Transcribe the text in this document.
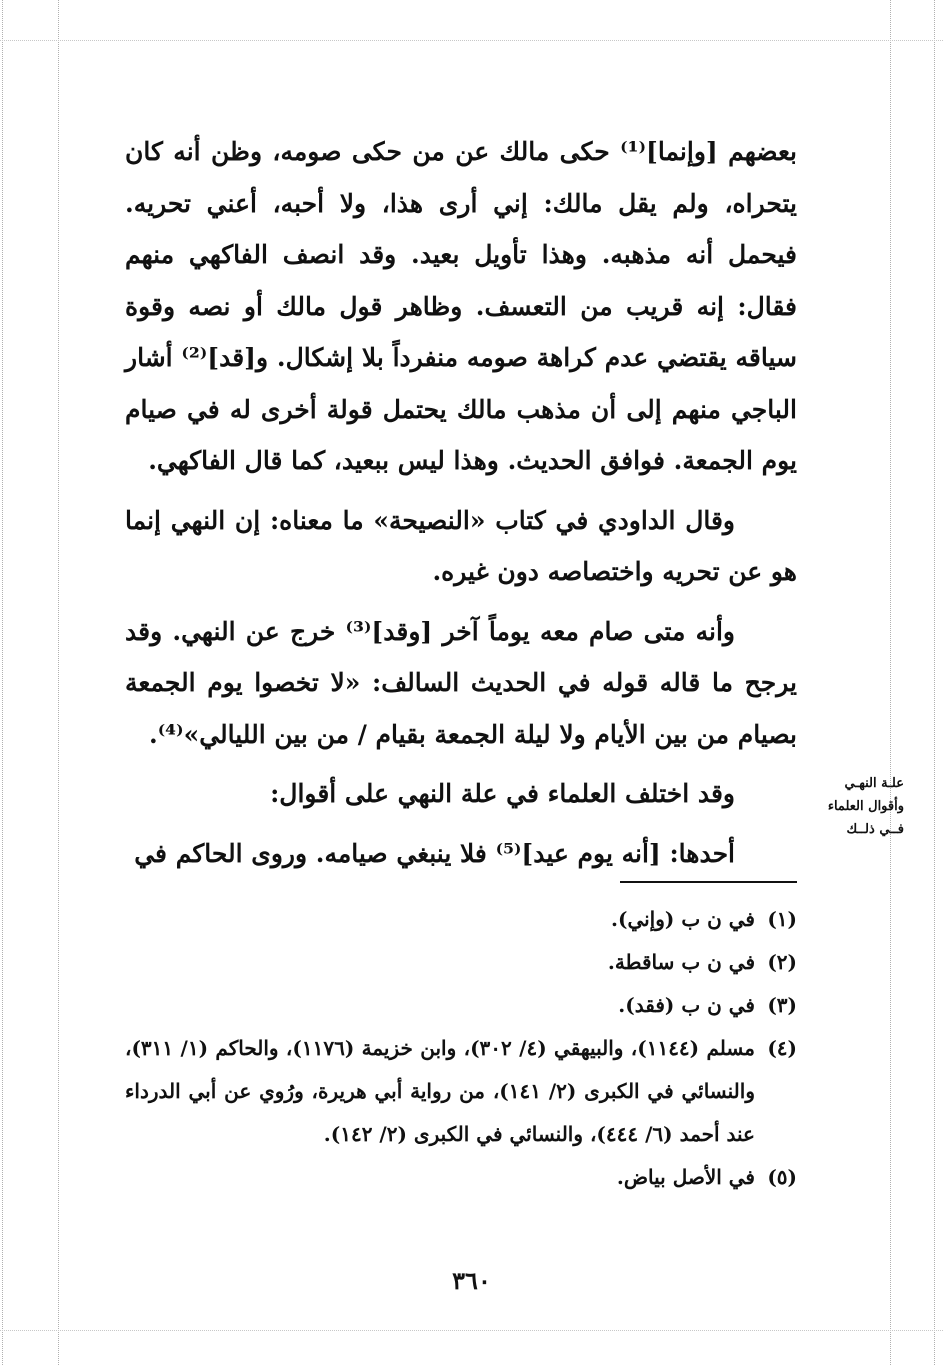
بعضهم [وإنما]⁽¹⁾ حكى مالك عن من حكى صومه، وظن أنه كان يتحراه، ولم يقل مالك: إني أرى هذا، ولا أحبه، أعني تحريه. فيحمل أنه مذهبه. وهذا تأويل بعيد. وقد انصف الفاكهي منهم فقال: إنه قريب من التعسف. وظاهر قول مالك أو نصه وقوة سياقه يقتضي عدم كراهة صومه منفرداً بلا إشكال. و[قد]⁽²⁾ أشار الباجي منهم إلى أن مذهب مالك يحتمل قولة أخرى له في صيام يوم الجمعة. فوافق الحديث. وهذا ليس ببعيد، كما قال الفاكهي.

وقال الداودي في كتاب «النصيحة» ما معناه: إن النهي إنما هو عن تحريه واختصاصه دون غيره.

وأنه متى صام معه يوماً آخر [وقد]⁽³⁾ خرج عن النهي. وقد يرجح ما قاله قوله في الحديث السالف: «لا تخصوا يوم الجمعة بصيام من بين الأيام ولا ليلة الجمعة بقيام / من بين الليالي»⁽⁴⁾.

وقد اختلف العلماء في علة النهي على أقوال:

أحدها: [أنه يوم عيد]⁽⁵⁾ فلا ينبغي صيامه. وروى الحاكم في

علـة النهـي
وأقوال العلماء
فــي ذلــك
(١)
في ن ب (وإني).
(٢)
في ن ب ساقطة.
(٣)
في ن ب (فقد).
(٤)
مسلم (١١٤٤)، والبيهقي (٤/ ٣٠٢)، وابن خزيمة (١١٧٦)، والحاكم (١/ ٣١١)، والنسائي في الكبرى (٢/ ١٤١)، من رواية أبي هريرة، ورُوي عن أبي الدرداء عند أحمد (٦/ ٤٤٤)، والنسائي في الكبرى (٢/ ١٤٢).
(٥)
في الأصل بياض.
٣٦٠
